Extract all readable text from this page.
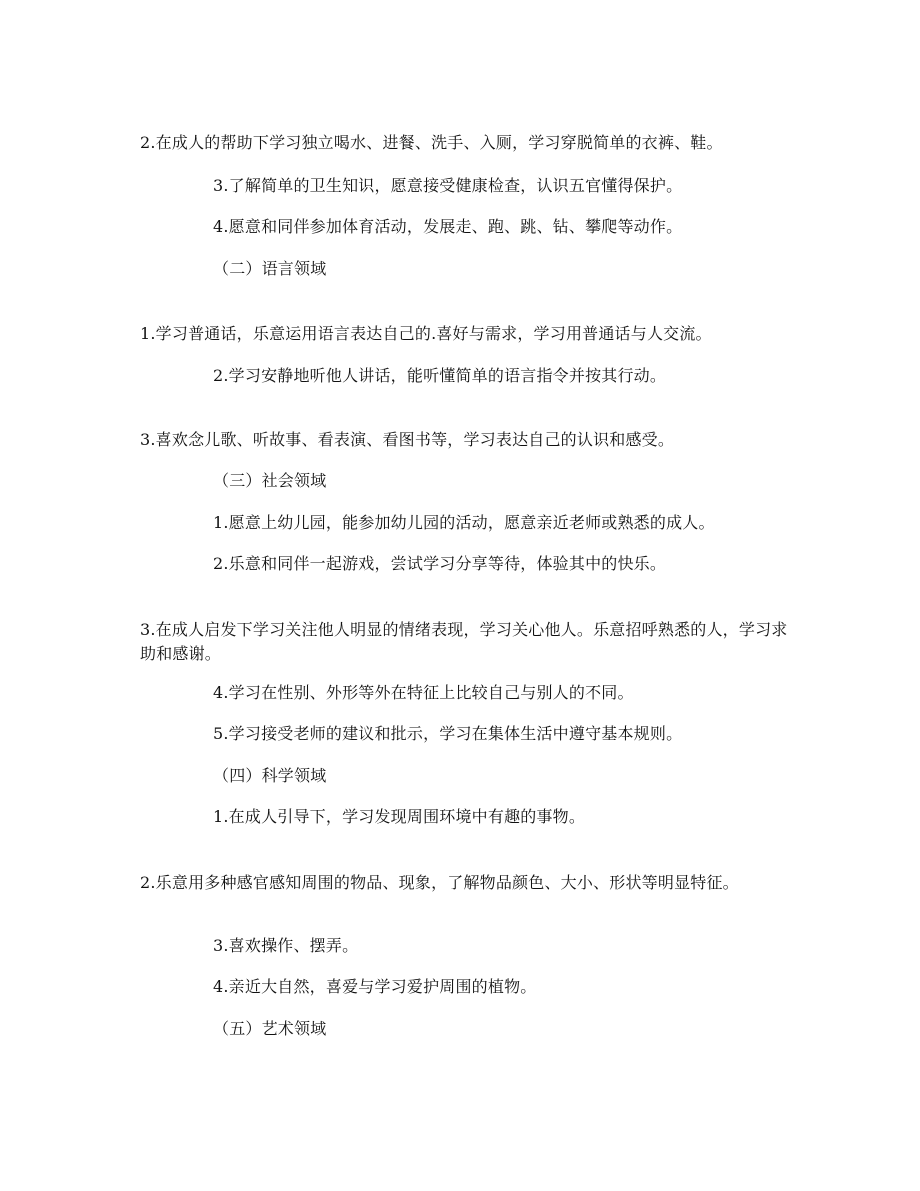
2.在成人的帮助下学习独立喝水、进餐、洗手、入厕，学习穿脱简单的衣裤、鞋。

3.了解简单的卫生知识，愿意接受健康检查，认识五官懂得保护。

4.愿意和同伴参加体育活动，发展走、跑、跳、钻、攀爬等动作。

（二）语言领域

1.学习普通话，乐意运用语言表达自己的.喜好与需求，学习用普通话与人交流。

2.学习安静地听他人讲话，能听懂简单的语言指令并按其行动。

3.喜欢念儿歌、听故事、看表演、看图书等，学习表达自己的认识和感受。

（三）社会领域

1.愿意上幼儿园，能参加幼儿园的活动，愿意亲近老师或熟悉的成人。

2.乐意和同伴一起游戏，尝试学习分享等待，体验其中的快乐。

3.在成人启发下学习关注他人明显的情绪表现，学习关心他人。乐意招呼熟悉的人，学习求助和感谢。

4.学习在性别、外形等外在特征上比较自己与别人的不同。

5.学习接受老师的建议和批示，学习在集体生活中遵守基本规则。

（四）科学领域

1.在成人引导下，学习发现周围环境中有趣的事物。

2.乐意用多种感官感知周围的物品、现象，了解物品颜色、大小、形状等明显特征。

3.喜欢操作、摆弄。

4.亲近大自然，喜爱与学习爱护周围的植物。

（五）艺术领域
